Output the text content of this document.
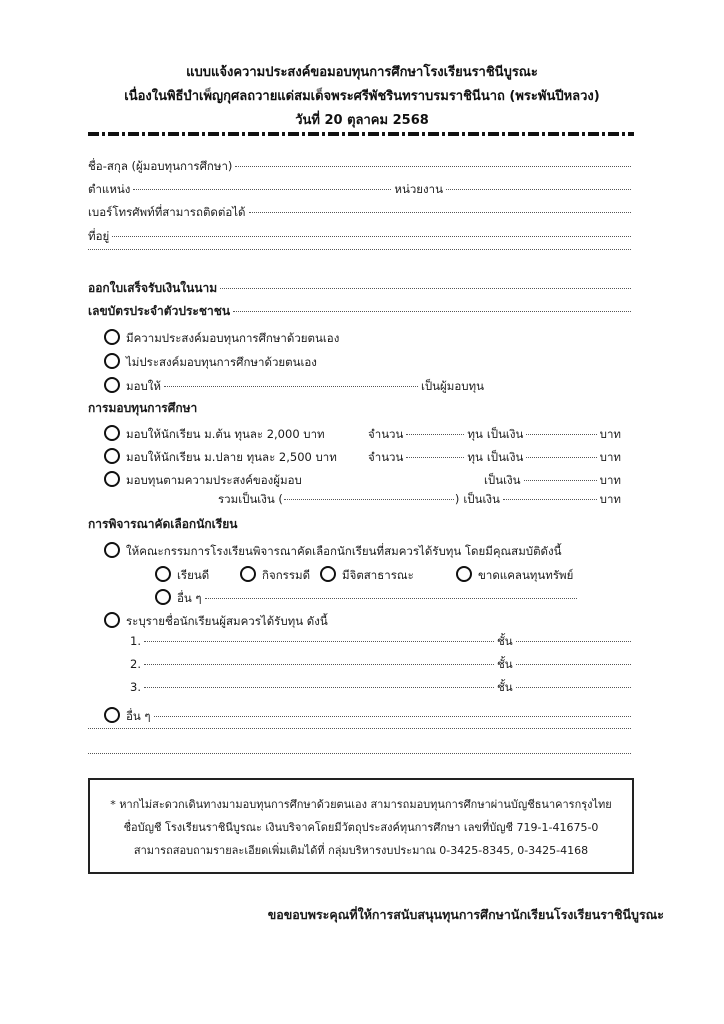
แบบแจ้งความประสงค์ขอมอบทุนการศึกษาโรงเรียนราชินีบูรณะ
เนื่องในพิธีบำเพ็ญกุศลถวายแด่สมเด็จพระศรีพัชรินทราบรมราชินีนาถ (พระพันปีหลวง)
วันที่ 20 ตุลาคม 2568
ชื่อ-สกุล (ผู้มอบทุนการศึกษา)
ตำแหน่ง	หน่วยงาน
เบอร์โทรศัพท์ที่สามารถติดต่อได้
ที่อยู่
ออกใบเสร็จรับเงินในนาม
เลขบัตรประจำตัวประชาชน
มีความประสงค์มอบทุนการศึกษาด้วยตนเอง
ไม่ประสงค์มอบทุนการศึกษาด้วยตนเอง
มอบให้	เป็นผู้มอบทุน
การมอบทุนการศึกษา
มอบให้นักเรียน ม.ต้น ทุนละ 2,000 บาท	จำนวน	ทุน เป็นเงิน	บาท
มอบให้นักเรียน ม.ปลาย ทุนละ 2,500 บาท	จำนวน	ทุน เป็นเงิน	บาท
มอบทุนตามความประสงค์ของผู้มอบ	เป็นเงิน	บาท
รวมเป็นเงิน (	) เป็นเงิน	บาท
การพิจารณาคัดเลือกนักเรียน
ให้คณะกรรมการโรงเรียนพิจารณาคัดเลือกนักเรียนที่สมควรได้รับทุน โดยมีคุณสมบัติดังนี้
เรียนดี	กิจกรรมดี	มีจิตสาธารณะ	ขาดแคลนทุนทรัพย์
อื่น ๆ
ระบุรายชื่อนักเรียนผู้สมควรได้รับทุน ดังนี้
1.	ชั้น
2.	ชั้น
3.	ชั้น
อื่น ๆ
* หากไม่สะดวกเดินทางมามอบทุนการศึกษาด้วยตนเอง สามารถมอบทุนการศึกษาผ่านบัญชีธนาคารกรุงไทย
ชื่อบัญชี โรงเรียนราชินีบูรณะ เงินบริจาคโดยมีวัตถุประสงค์ทุนการศึกษา เลขที่บัญชี 719-1-41675-0
สามารถสอบถามรายละเอียดเพิ่มเติมได้ที่ กลุ่มบริหารงบประมาณ 0-3425-8345, 0-3425-4168
ขอขอบพระคุณที่ให้การสนับสนุนทุนการศึกษานักเรียนโรงเรียนราชินีบูรณะ
